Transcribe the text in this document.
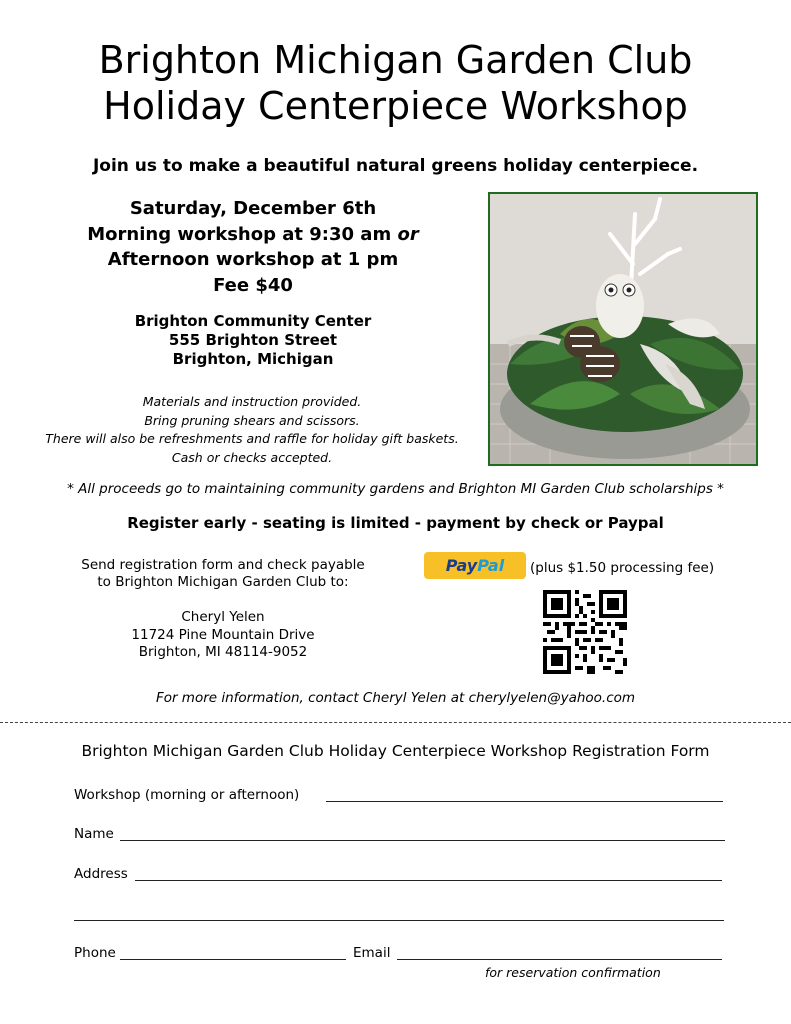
Brighton Michigan Garden Club
Holiday Centerpiece Workshop
Join us to make a beautiful natural greens holiday centerpiece.
Saturday, December 6th
Morning workshop at 9:30 am or
Afternoon workshop at 1 pm
Fee $40
Brighton Community Center
555 Brighton Street
Brighton, Michigan
Materials and instruction provided.
Bring pruning shears and scissors.
There will also be refreshments and raffle for holiday gift baskets.
Cash or checks accepted.
* All proceeds go to maintaining community gardens and Brighton MI Garden Club scholarships *
Register early - seating is limited - payment by check or Paypal
Send registration form and check payable
to Brighton Michigan Garden Club to:
Cheryl Yelen
11724 Pine Mountain Drive
Brighton, MI 48114-9052
PayPal	(plus $1.50 processing fee)
For more information, contact Cheryl Yelen at cherylyelen@yahoo.com
Brighton Michigan Garden Club Holiday Centerpiece Workshop Registration Form
Workshop (morning or afternoon)
Name
Address
Phone	Email
for reservation confirmation
